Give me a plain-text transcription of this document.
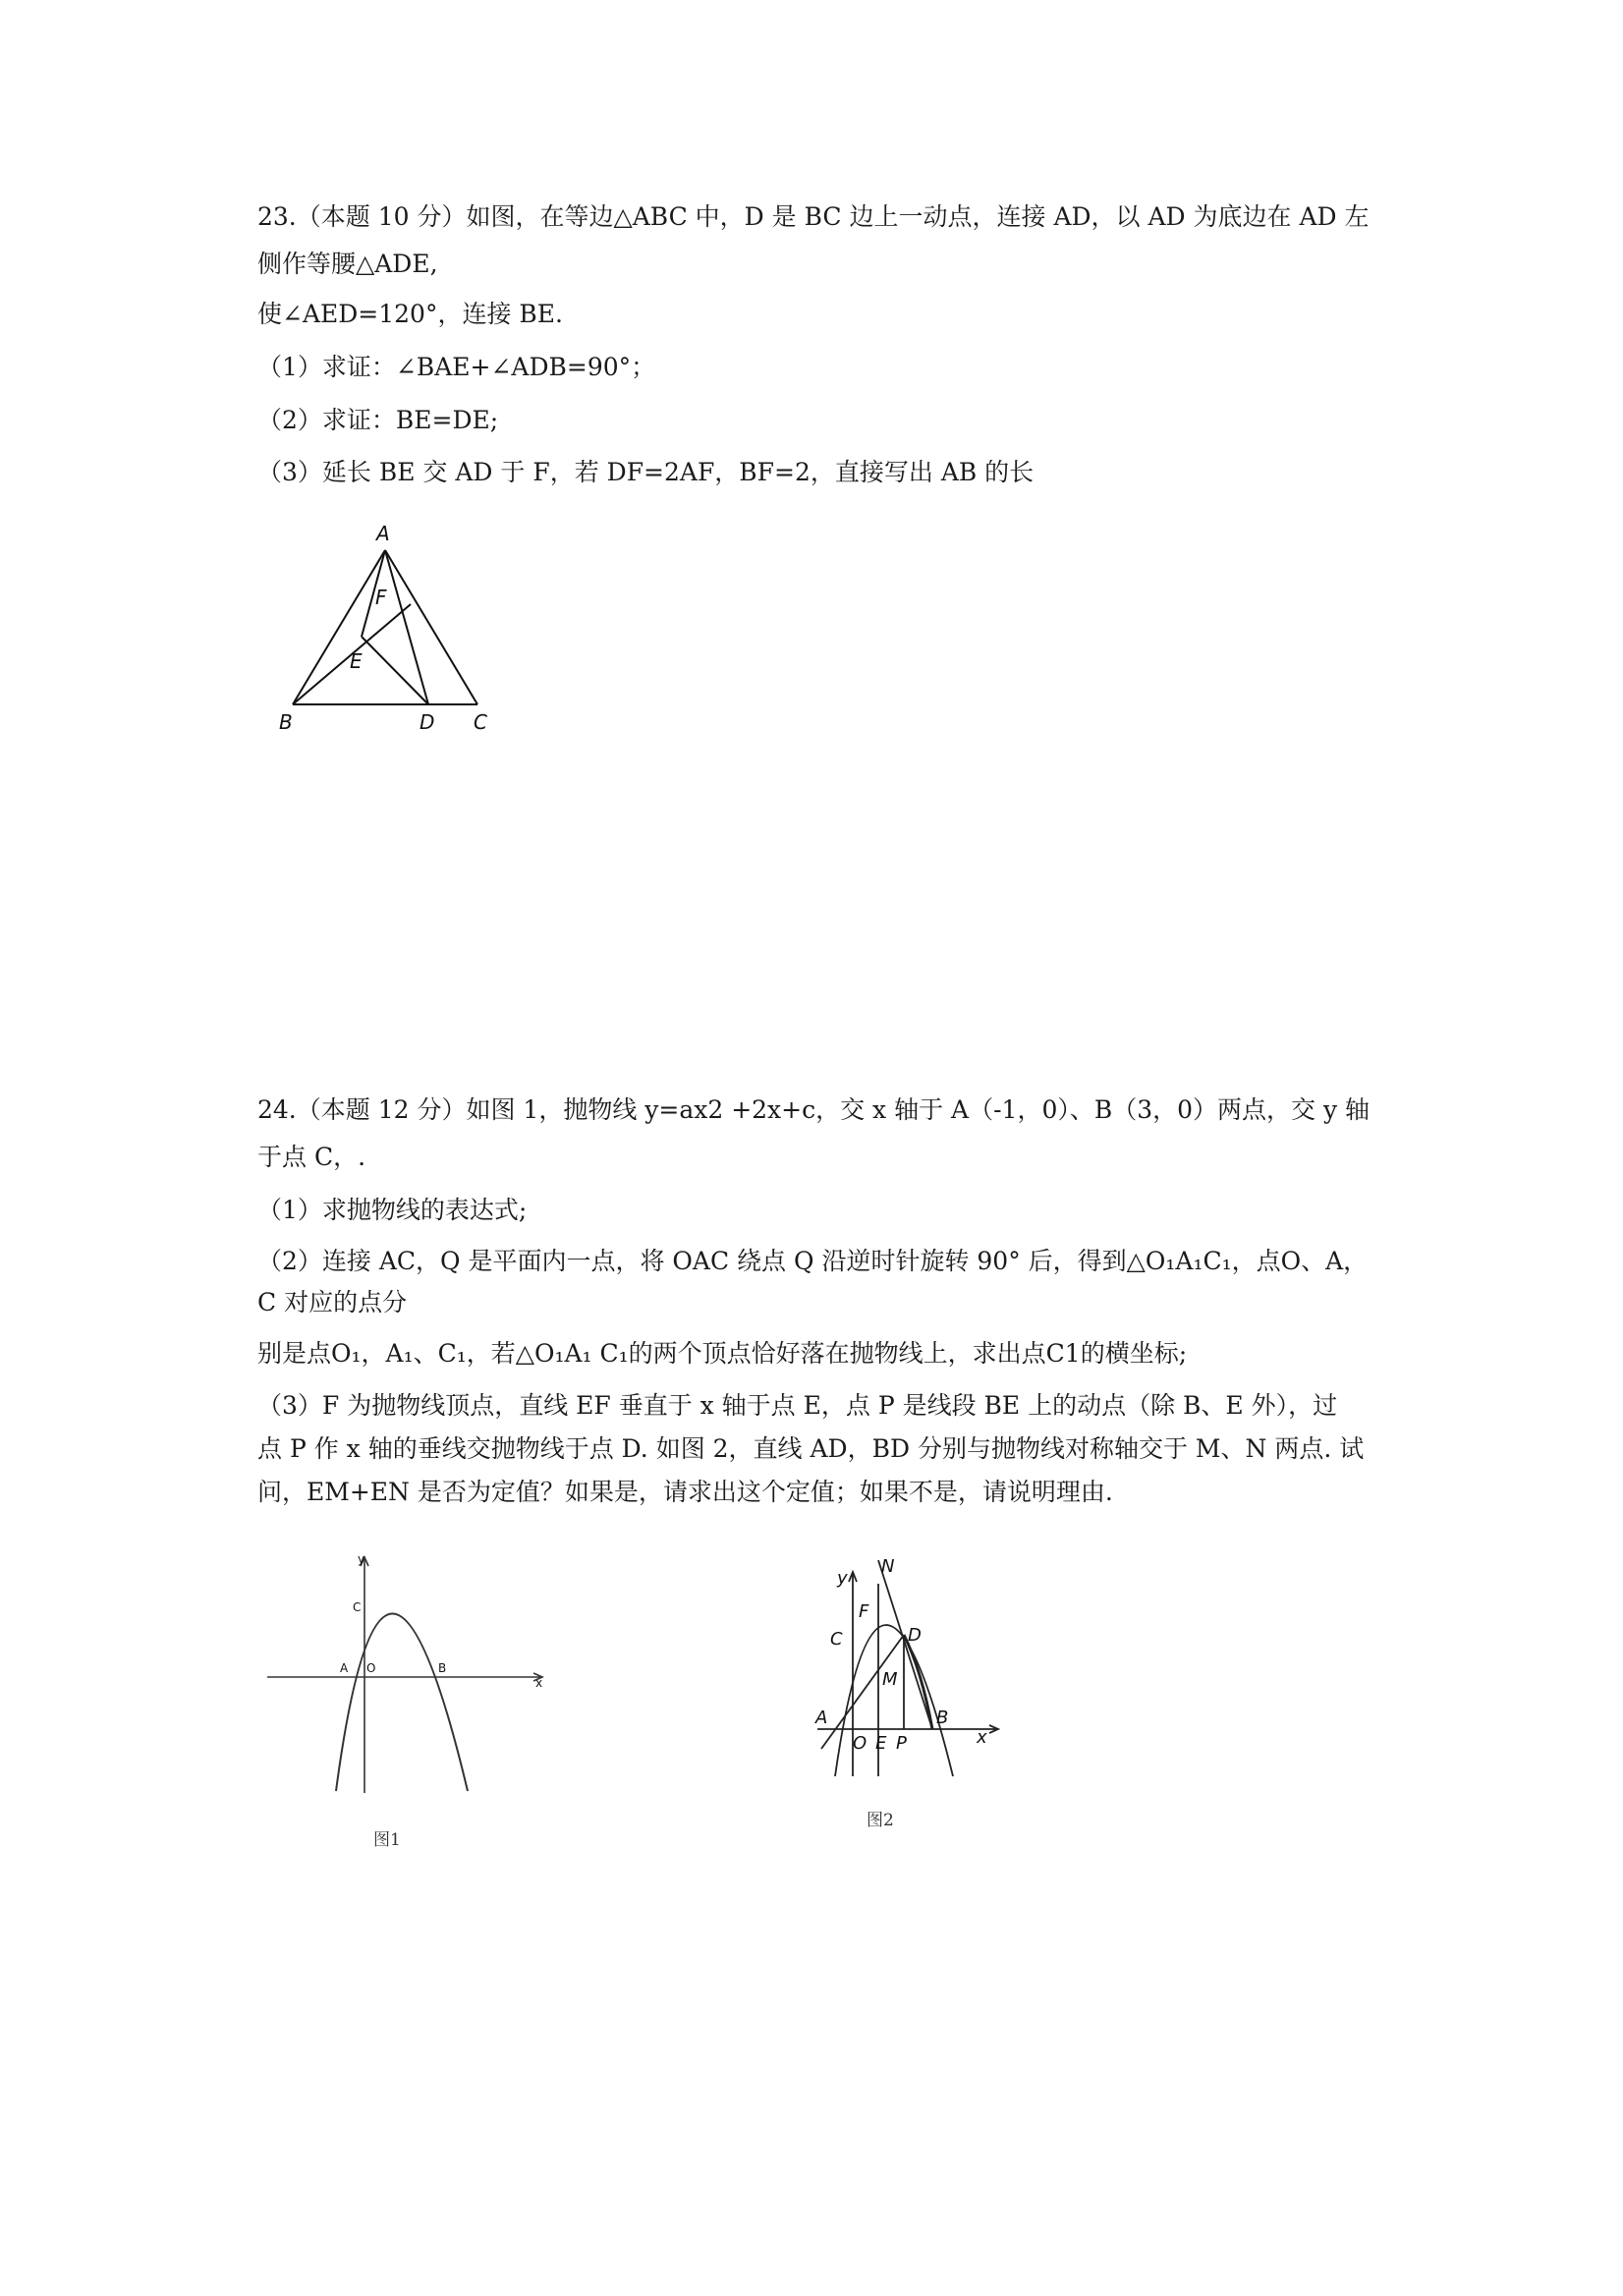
23.（本题 10 分）如图，在等边△ABC 中，D 是 BC 边上一动点，连接 AD，以 AD 为底边在 AD 左
侧作等腰△ADE,
使∠AED=120°，连接 BE.
（1）求证：∠BAE+∠ADB=90°；
（2）求证：BE=DE;
（3）延长 BE 交 AD 于 F，若 DF=2AF，BF=2，直接写出 AB 的长
A
F
E
B	D C
24.（本题 12 分）如图 1，抛物线 y=ax2 +2x+c，交 x 轴于 A（-1，0）、B（3，0）两点，交 y 轴
于点 C，.
（1）求抛物线的表达式;
（2）连接 AC，Q 是平面内一点，将 OAC 绕点 Q 沿逆时针旋转 90° 后，得到△O₁A₁C₁，点O、A，
C 对应的点分
别是点O₁，A₁、C₁，若△O₁A₁ C₁的两个顶点恰好落在抛物线上，求出点C1的横坐标;
（3）F 为抛物线顶点，直线 EF 垂直于 x 轴于点 E，点 P 是线段 BE 上的动点（除 B、E 外），过
点 P 作 x 轴的垂线交抛物线于点 D. 如图 2，直线 AD，BD 分别与抛物线对称轴交于 M、N 两点. 试
问，EM+EN 是否为定值？如果是，请求出这个定值；如果不是，请说明理由.
y
x
C
A O	B
图1
N
y
F
C	D
M
A	B
x
O E P
图2
